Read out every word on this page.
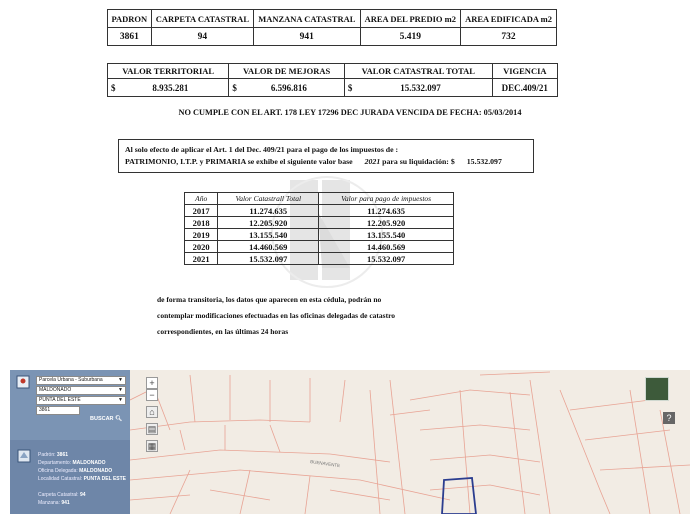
PADRON	CARPETA CATASTRAL	MANZANA CATASTRAL	AREA DEL PREDIO m2	AREA EDIFICADA m2
3861	94	941	5.419	732
VALOR TERRITORIAL	VALOR DE MEJORAS	VALOR CATASTRAL TOTAL	VIGENCIA

$ 8.935.281	$ 6.596.816	$ 15.532.097	DEC.409/21
NO CUMPLE CON EL ART. 178 LEY 17296 DEC JURADA VENCIDA DE FECHA: 05/03/2014
Al solo efecto de aplicar el Art. 1 del Dec. 409/21 para el pago de los impuestos de :
PATRIMONIO, I.T.P. y PRIMARIA se exhibe el siguiente valor base 2021 para su liquidación: $ 15.532.097
Año	Valor Catastrall Total	Valor para pago de impuestos
2017	11.274.635	11.274.635
2018	12.205.920	12.205.920
2019	13.155.540	13.155.540
2020	14.460.569	14.460.569
2021	15.532.097	15.532.097
de forma transitoria, los datos que aparecen en esta cédula, podrán no
contemplar modificaciones efectuadas en las oficinas delegadas de catastro
correspondientes, en las últimas 24 horas
Parcela Urbana - Suburbana	▼
MALDONADO	▼
PUNTA DEL ESTE	▼
3861
BUSCAR 🔍︎
Padrón: 3861
Departamento: MALDONADO
Oficina Delegada: MALDONADO
Localidad Catastral: PUNTA DEL ESTE
Carpeta Catastral: 94
Manzana: 941
BUENAVENTE
+
−
⌂
▤
▦
?
